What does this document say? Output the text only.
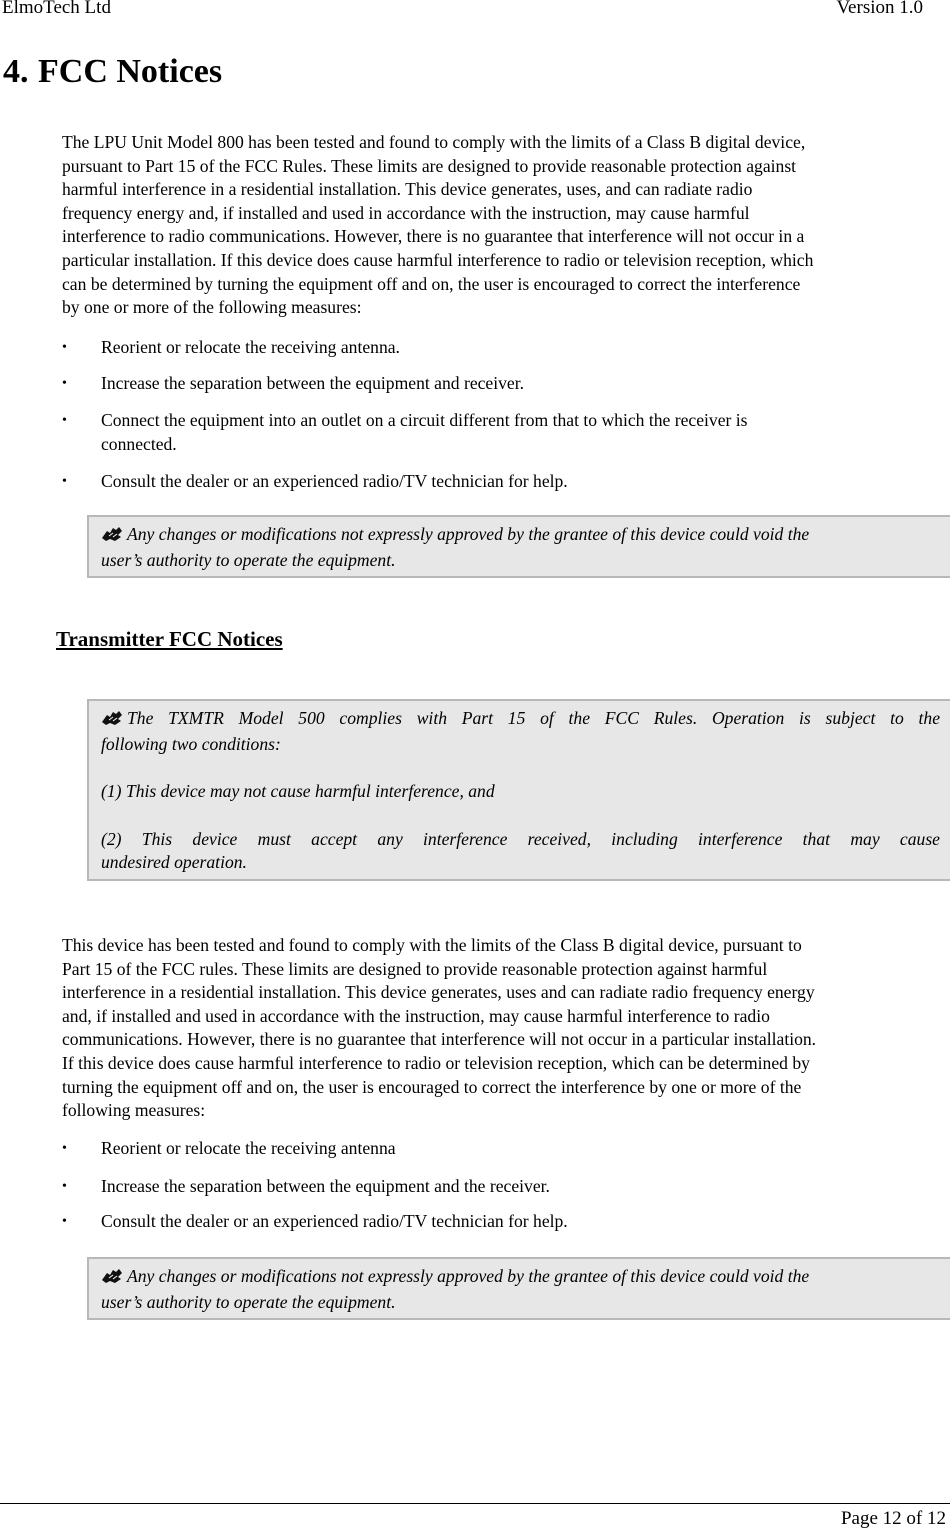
ElmoTech Ltd	Version 1.0
4. FCC Notices

The LPU Unit Model 800 has been tested and found to comply with the limits of a Class B digital device,
pursuant to Part 15 of the FCC Rules. These limits are designed to provide reasonable protection against
harmful interference in a residential installation. This device generates, uses, and can radiate radio
frequency energy and, if installed and used in accordance with the instruction, may cause harmful
interference to radio communications. However, there is no guarantee that interference will not occur in a
particular installation. If this device does cause harmful interference to radio or television reception, which
can be determined by turning the equipment off and on, the user is encouraged to correct the interference
by one or more of the following measures:

•	Reorient or relocate the receiving antenna.
•	Increase the separation between the equipment and receiver.
•	Connect the equipment into an outlet on a circuit different from that to which the receiver is
connected.
•	Consult the dealer or an experienced radio/TV technician for help.
Any changes or modifications not expressly approved by the grantee of this device could void the
user’s authority to operate the equipment.
Transmitter FCC Notices
The TXMTR Model 500 complies with Part 15 of the FCC Rules. Operation is subject to the
following two conditions:
(1) This device may not cause harmful interference, and
(2) This device must accept any interference received, including interference that may cause
undesired operation.

This device has been tested and found to comply with the limits of the Class B digital device, pursuant to
Part 15 of the FCC rules. These limits are designed to provide reasonable protection against harmful
interference in a residential installation. This device generates, uses and can radiate radio frequency energy
and, if installed and used in accordance with the instruction, may cause harmful interference to radio
communications. However, there is no guarantee that interference will not occur in a particular installation.
If this device does cause harmful interference to radio or television reception, which can be determined by
turning the equipment off and on, the user is encouraged to correct the interference by one or more of the
following measures:

•	Reorient or relocate the receiving antenna
•	Increase the separation between the equipment and the receiver.
•	Consult the dealer or an experienced radio/TV technician for help.
Any changes or modifications not expressly approved by the grantee of this device could void the
user’s authority to operate the equipment.
Page 12 of 12
